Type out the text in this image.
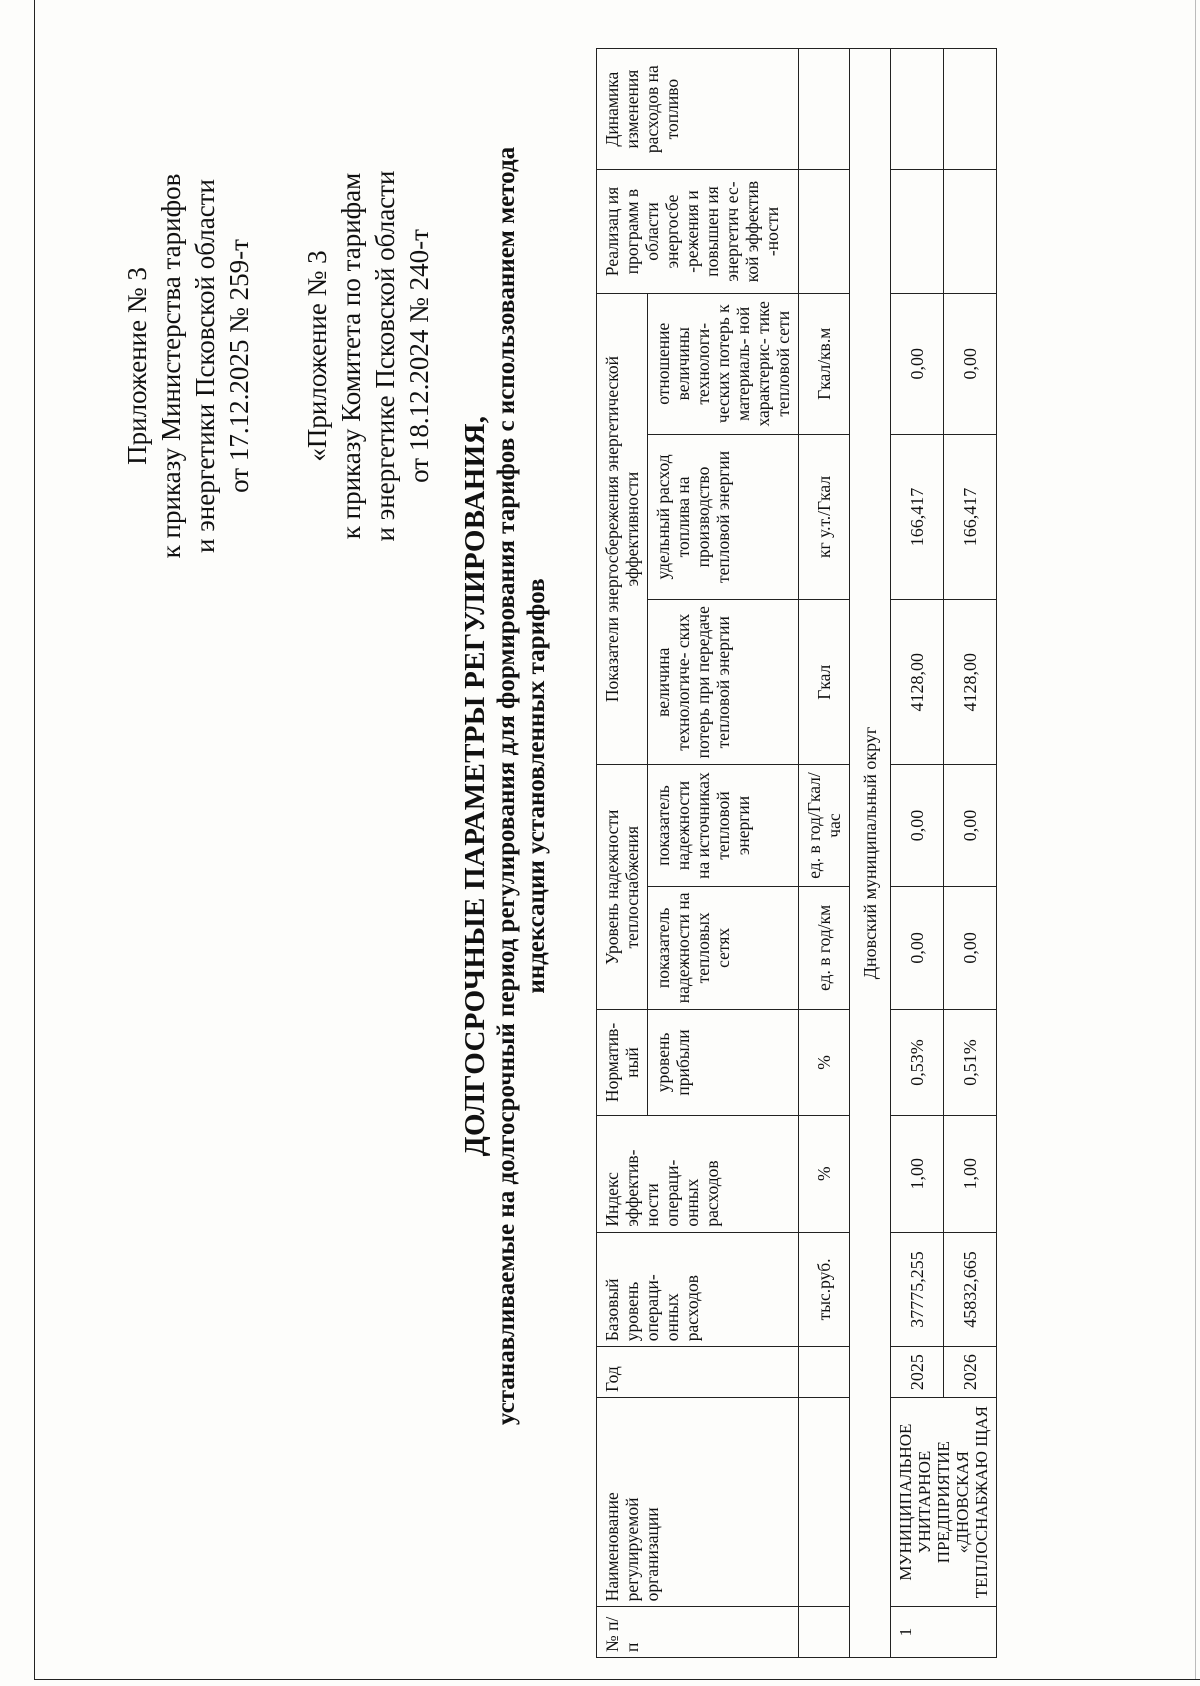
Приложение № 3 к приказу Министерства тарифов и энергетики Псковской области от 17.12.2025 № 259-т «Приложение № 3 к приказу Комитета по тарифам и энергетике Псковской области от 18.12.2024 № 240-т
ДОЛГОСРОЧНЫЕ ПАРАМЕТРЫ РЕГУЛИРОВАНИЯ, устанавливаемые на долгосрочный период регулирования для формирования тарифов с использованием метода индексации установленных тарифов
№ п/ п	Наименование регулируемой организации	Год	Базовый уровень операци- онных расходов	Индекс эффектив- ности операци- онных расходов	Норматив- ный	Уровень надежности теплоснабжения		Показатели энергосбережения энергетической эффективности			Реализац ия программ в области энергосбе -режения и повышен ия энергетич ес-кой эффектив -ности	Динамика изменения расходов на топливо
					уровень прибыли	показатель надежности на тепловых сетях	показатель надежности на источниках тепловой энергии	величина технологиче- ских потерь при передаче тепловой энергии	удельный расход топлива на производство тепловой энергии	отношение величины технологи- ческих потерь к материаль- ной характерис- тике тепловой сети		

			тыс.руб.	%	%	ед. в год/км	ед. в год/Гкал/ час	Гкал	кг у.т./Гкал	Гкал/кв.м		
Дновский муниципальный округ												
1	МУНИЦИПАЛЬНОЕ УНИТАРНОЕ ПРЕДПРИЯТИЕ «ДНОВСКАЯ ТЕПЛОСНАБЖАЮ ЩАЯ	2025	37775,255	1,00	0,53%	0,00	0,00	4128,00	166,417	0,00		
		2026	45832,665	1,00	0,51%	0,00	0,00	4128,00	166,417	0,00		
